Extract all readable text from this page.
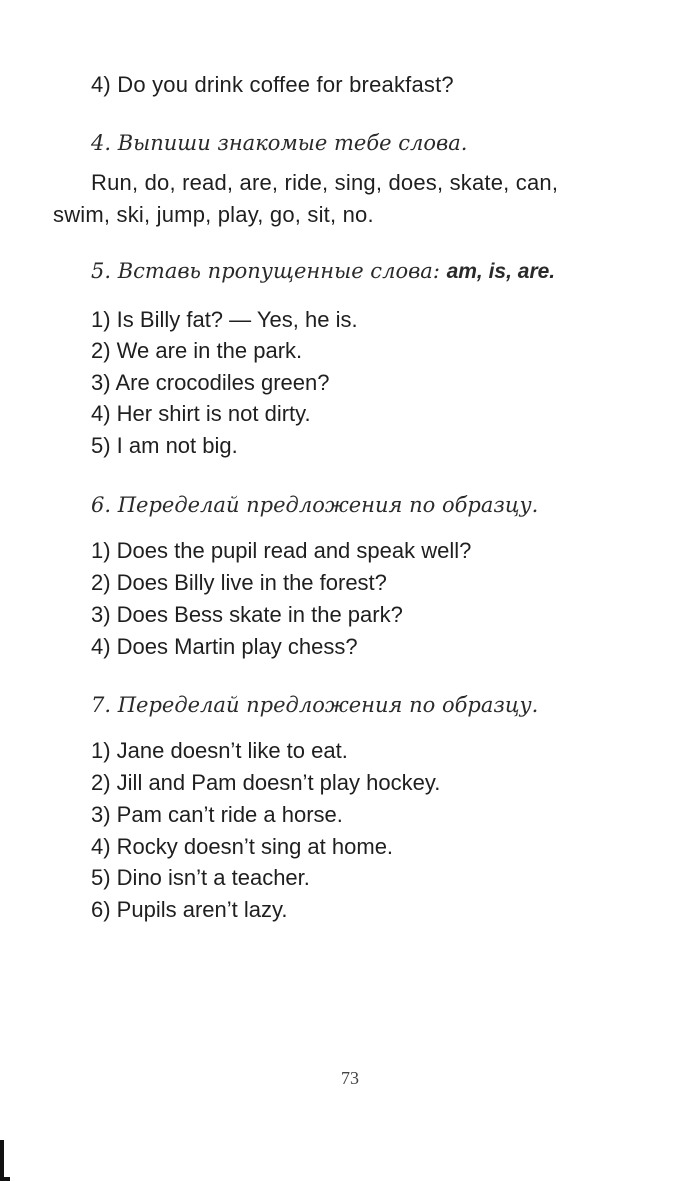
4) Do you drink coffee for breakfast?
4. Выпиши знакомые тебе слова.
Run, do, read, are, ride, sing, does, skate, can,
swim, ski, jump, play, go, sit, no.
5. Вставь пропущенные слова: am, is, are.
1) Is Billy fat? — Yes, he is.
2) We are in the park.
3) Are crocodiles green?
4) Her shirt is not dirty.
5) I am not big.
6. Переделай предложения по образцу.
1) Does the pupil read and speak well?
2) Does Billy live in the forest?
3) Does Bess skate in the park?
4) Does Martin play chess?
7. Переделай предложения по образцу.
1) Jane doesn’t like to eat.
2) Jill and Pam doesn’t play hockey.
3) Pam can’t ride a horse.
4) Rocky doesn’t sing at home.
5) Dino isn’t a teacher.
6) Pupils aren’t lazy.
73
